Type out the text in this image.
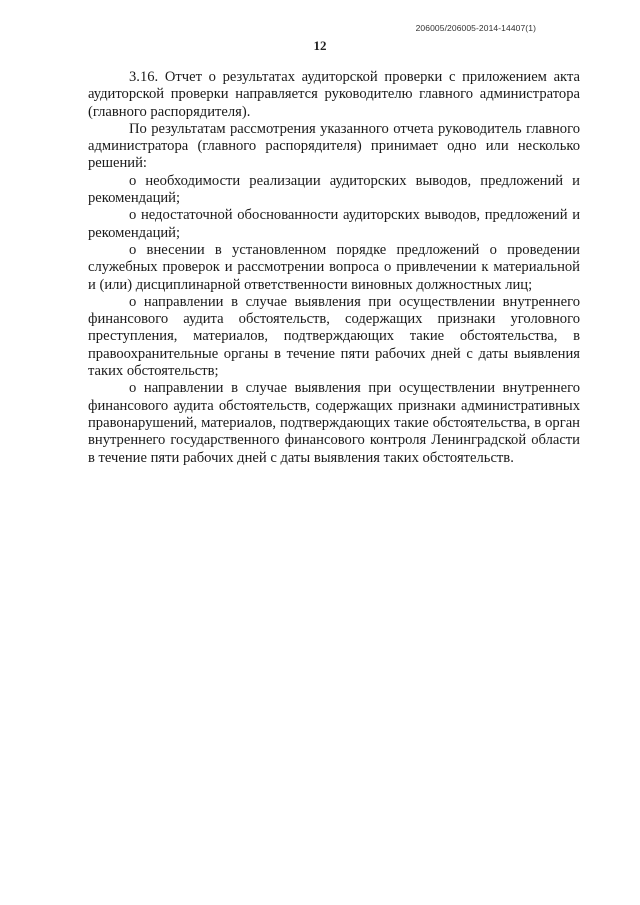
206005/206005-2014-14407(1)
12

3.16. Отчет о результатах аудиторской проверки с приложением акта аудиторской проверки направляется руководителю главного администратора (главного распорядителя).

По результатам рассмотрения указанного отчета руководитель главного администратора (главного распорядителя) принимает одно или несколько решений:

о необходимости реализации аудиторских выводов, предложений и рекомендаций;

о недостаточной обоснованности аудиторских выводов, предложений и рекомендаций;

о внесении в установленном порядке предложений о проведении служебных проверок и рассмотрении вопроса о привлечении к материальной и (или) дисциплинарной ответственности виновных должностных лиц;

о направлении в случае выявления при осуществлении внутреннего финансового аудита обстоятельств, содержащих признаки уголовного преступления, материалов, подтверждающих такие обстоятельства, в правоохранительные органы в течение пяти рабочих дней с даты выявления таких обстоятельств;

о направлении в случае выявления при осуществлении внутреннего финансового аудита обстоятельств, содержащих признаки административных правонарушений, материалов, подтверждающих такие обстоятельства, в орган внутреннего государственного финансового контроля Ленинградской области в течение пяти рабочих дней с даты выявления таких обстоятельств.
